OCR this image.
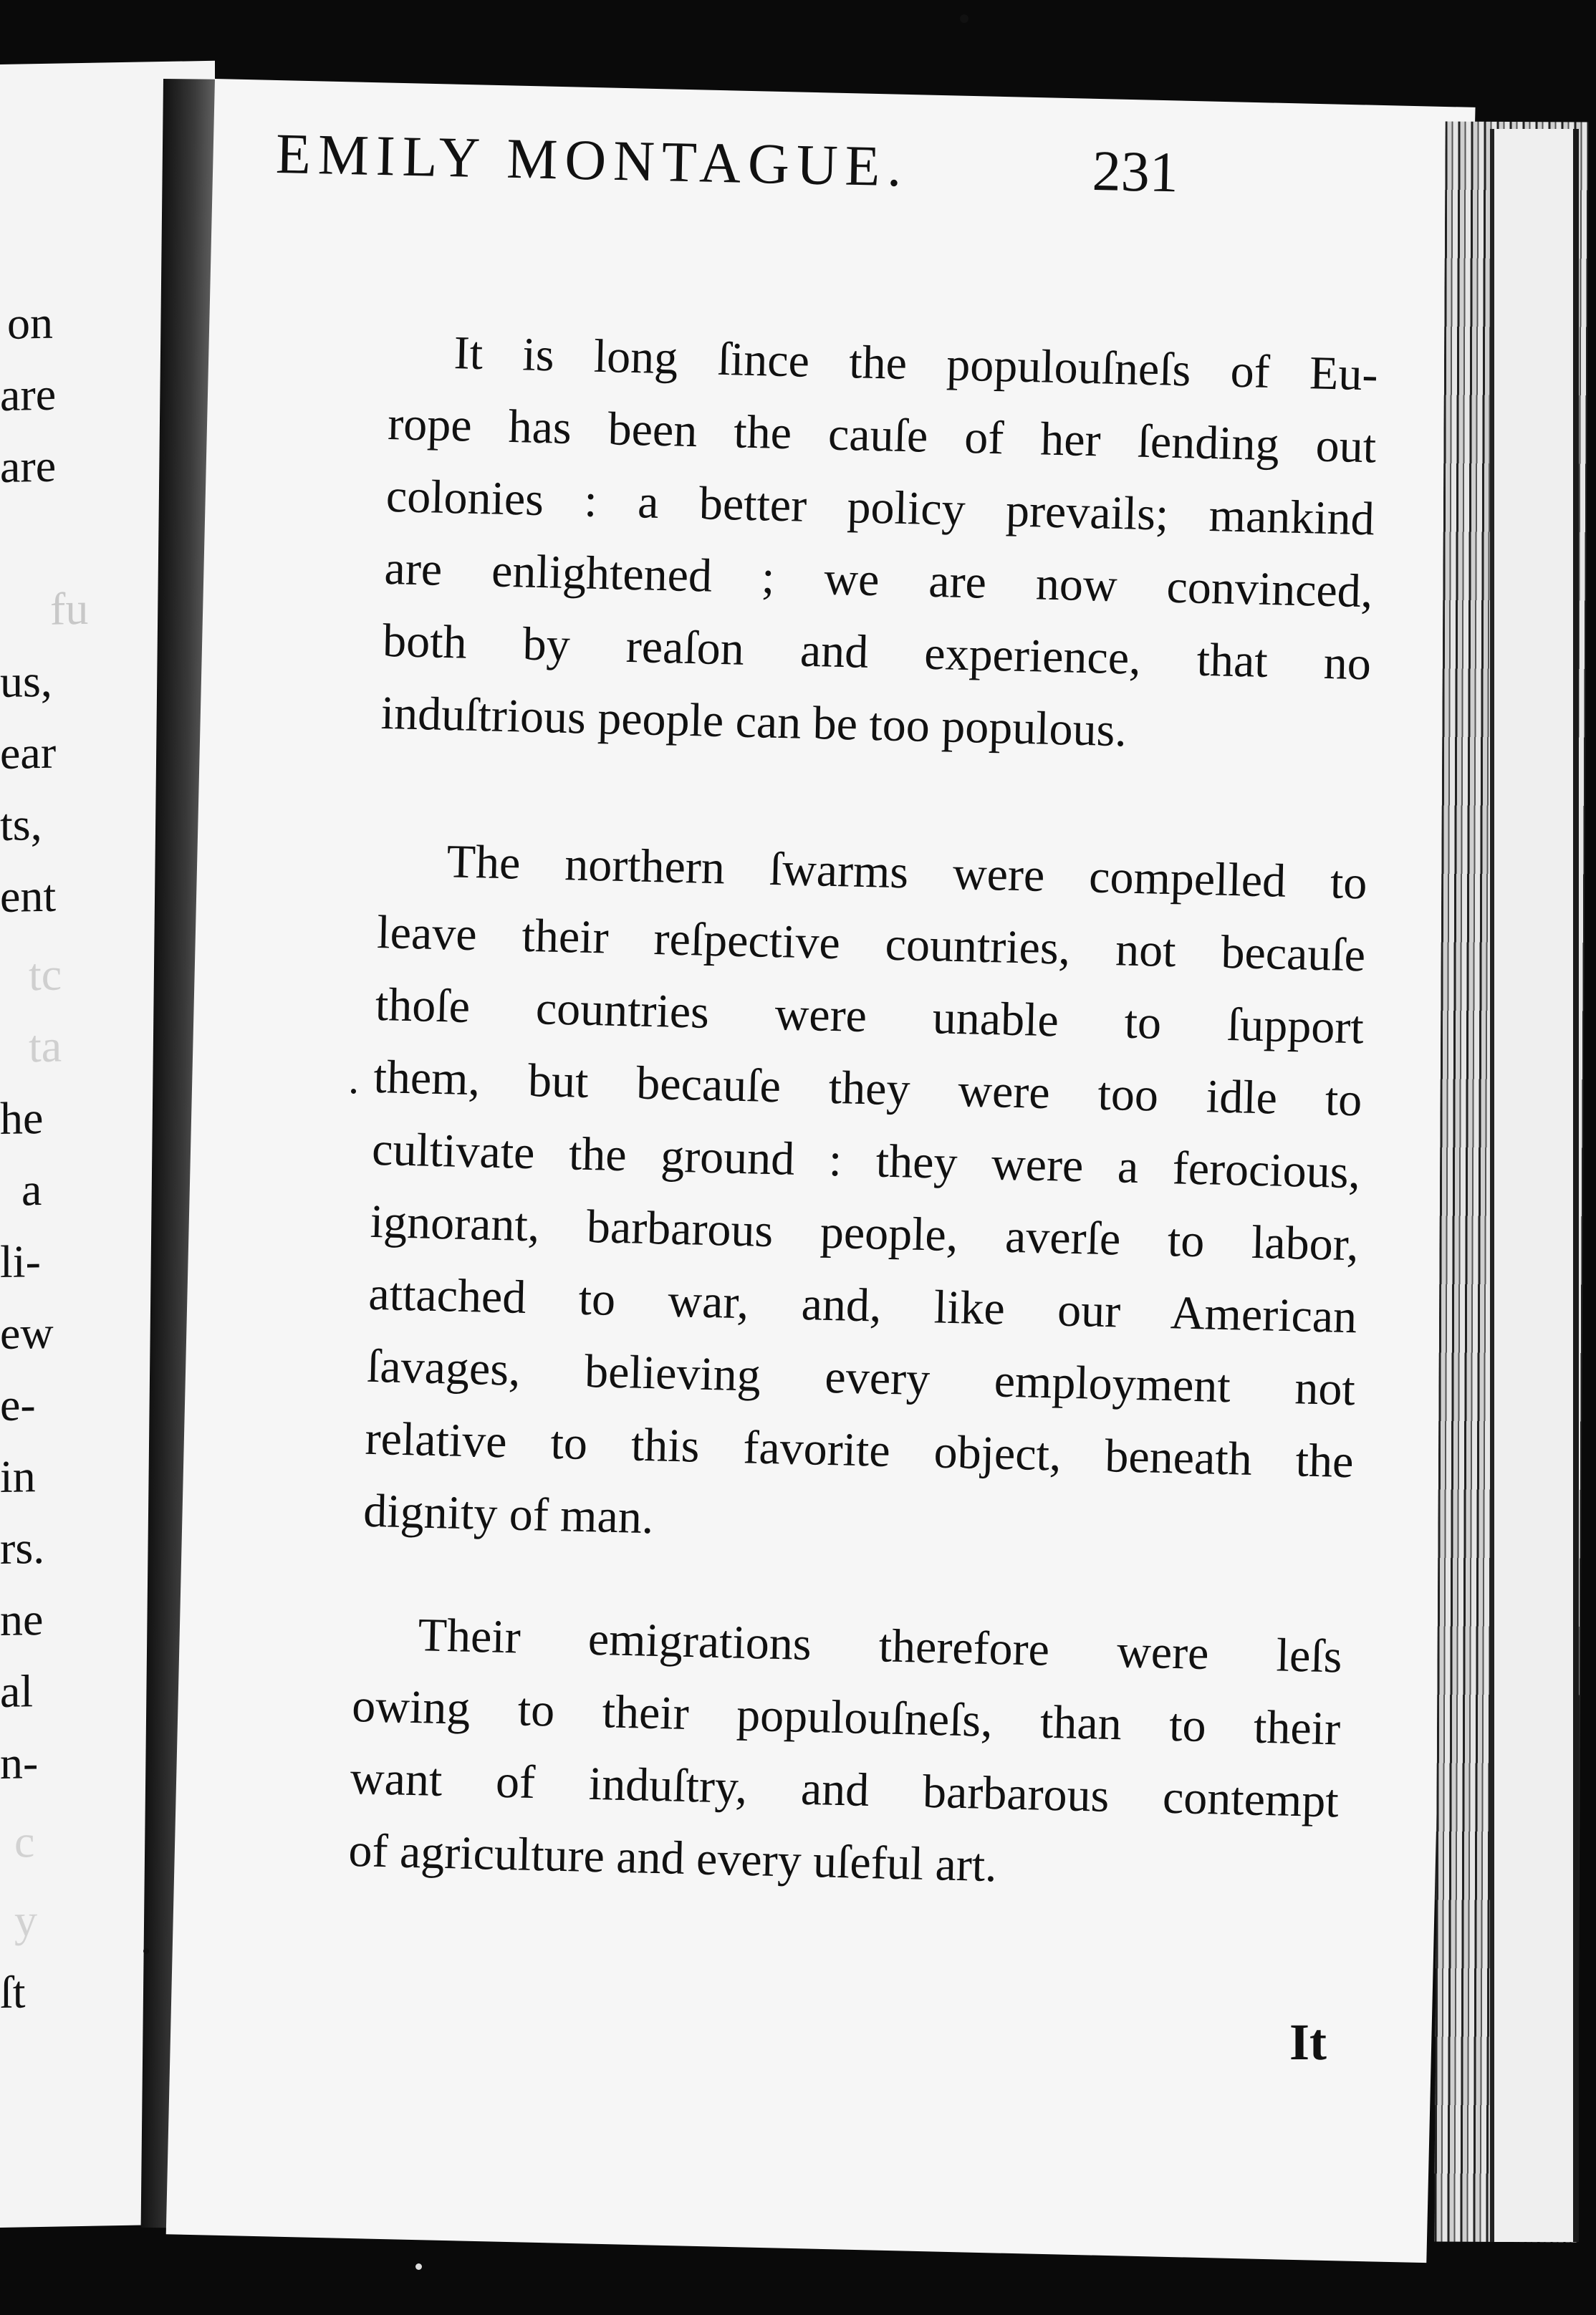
on
are
are
fu
us,
ear
ts,
ent
tc
ta
he
a
li-
ew
e-
in
rs.
ne
al
n-
c
y
ſt
EMILY MONTAGUE.	231
It is long ſince the populouſneſs of Eu-
rope has been the cauſe of her ſending out
colonies : a better policy prevails; mankind
are enlightened ; we are now convinced,
both by reaſon and experience, that no
induſtrious people can be too populous.
The northern ſwarms were compelled to
leave their reſpective countries, not becauſe
thoſe countries were unable to ſupport
them, but becauſe they were too idle to
cultivate the ground : they were a ferocious,
ignorant, barbarous people, averſe to labor,
attached to war, and, like our American
ſavages, believing every employment not
relative to this favorite object, beneath the
dignity of man.
Their emigrations therefore were leſs
owing to their populouſneſs, than to their
want of induſtry, and barbarous contempt
of agriculture and every uſeful art.
It
